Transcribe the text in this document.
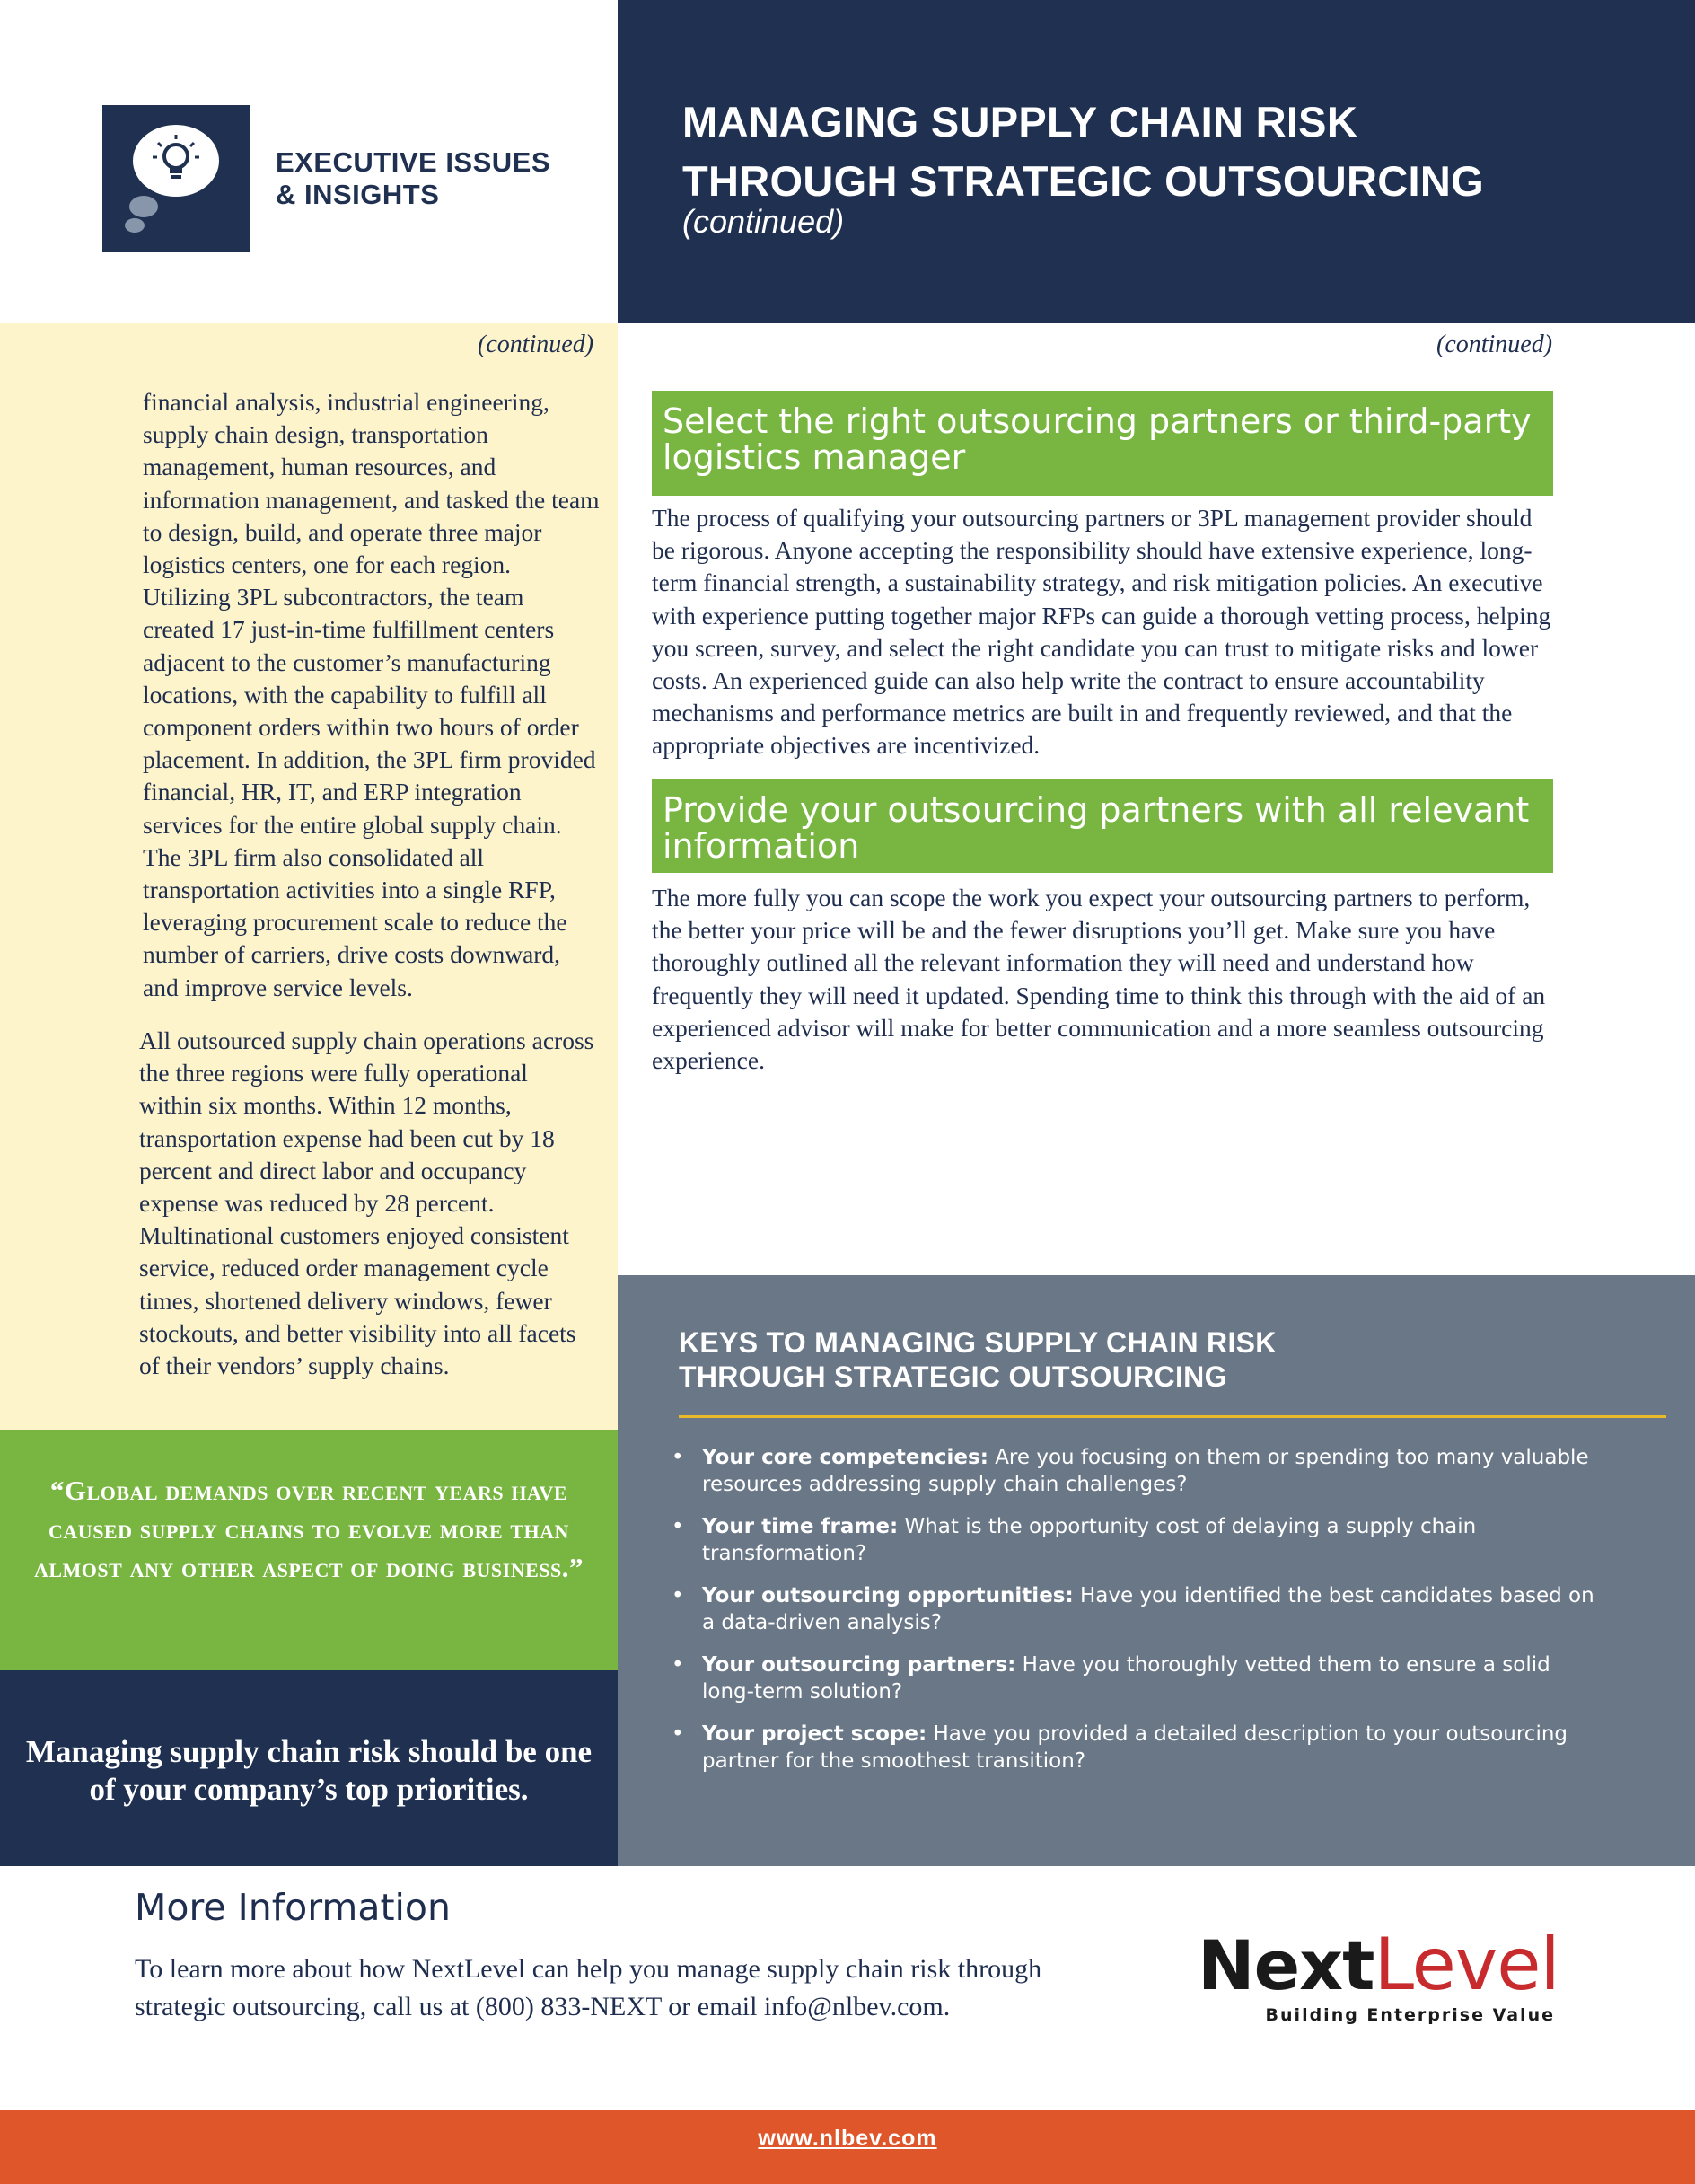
EXECUTIVE ISSUES
& INSIGHTS
MANAGING SUPPLY CHAIN RISK
THROUGH STRATEGIC OUTSOURCING
(continued)
(continued)
financial analysis, industrial engineering, supply chain design, transportation management, human resources, and information management, and tasked the team to design, build, and operate three major logistics centers, one for each region. Utilizing 3PL subcontractors, the team created 17 just-in-time fulfillment centers adjacent to the customer’s manufacturing locations, with the capability to fulfill all component orders within two hours of order placement. In addition, the 3PL firm provided financial, HR, IT, and ERP integration services for the entire global supply chain. The 3PL firm also consolidated all transportation activities into a single RFP, leveraging procurement scale to reduce the number of carriers, drive costs downward, and improve service levels.
All outsourced supply chain operations across the three regions were fully operational within six months. Within 12 months, transportation expense had been cut by 18 percent and direct labor and occupancy expense was reduced by 28 percent. Multinational customers enjoyed consistent service, reduced order management cycle times, shortened delivery windows, fewer stockouts, and better visibility into all facets of their vendors’ supply chains.
“Global demands over recent years have caused supply chains to evolve more than almost any other aspect of doing business.”
Managing supply chain risk should be one of your company’s top priorities.
(continued)
Select the right outsourcing partners or third-party logistics manager
The process of qualifying your outsourcing partners or 3PL management provider should be rigorous. Anyone accepting the responsibility should have extensive experience, long-term financial strength, a sustainability strategy, and risk mitigation policies. An executive with experience putting together major RFPs can guide a thorough vetting process, helping you screen, survey, and select the right candidate you can trust to mitigate risks and lower costs. An experienced guide can also help write the contract to ensure accountability mechanisms and performance metrics are built in and frequently reviewed, and that the appropriate objectives are incentivized.
Provide your outsourcing partners with all relevant information
The more fully you can scope the work you expect your outsourcing partners to perform, the better your price will be and the fewer disruptions you’ll get. Make sure you have thoroughly outlined all the relevant information they will need and understand how frequently they will need it updated. Spending time to think this through with the aid of an experienced advisor will make for better communication and a more seamless outsourcing experience.
KEYS TO MANAGING SUPPLY CHAIN RISK
THROUGH STRATEGIC OUTSOURCING
• Your core competencies: Are you focusing on them or spending too many valuable resources addressing supply chain challenges?
• Your time frame: What is the opportunity cost of delaying a supply chain transformation?
• Your outsourcing opportunities: Have you identified the best candidates based on a data-driven analysis?
• Your outsourcing partners: Have you thoroughly vetted them to ensure a solid long-term solution?
• Your project scope: Have you provided a detailed description to your outsourcing partner for the smoothest transition?
More Information
To learn more about how NextLevel can help you manage supply chain risk through strategic outsourcing, call us at (800) 833-NEXT or email info@nlbev.com.
NextLevel
Building Enterprise Value
www.nlbev.com
